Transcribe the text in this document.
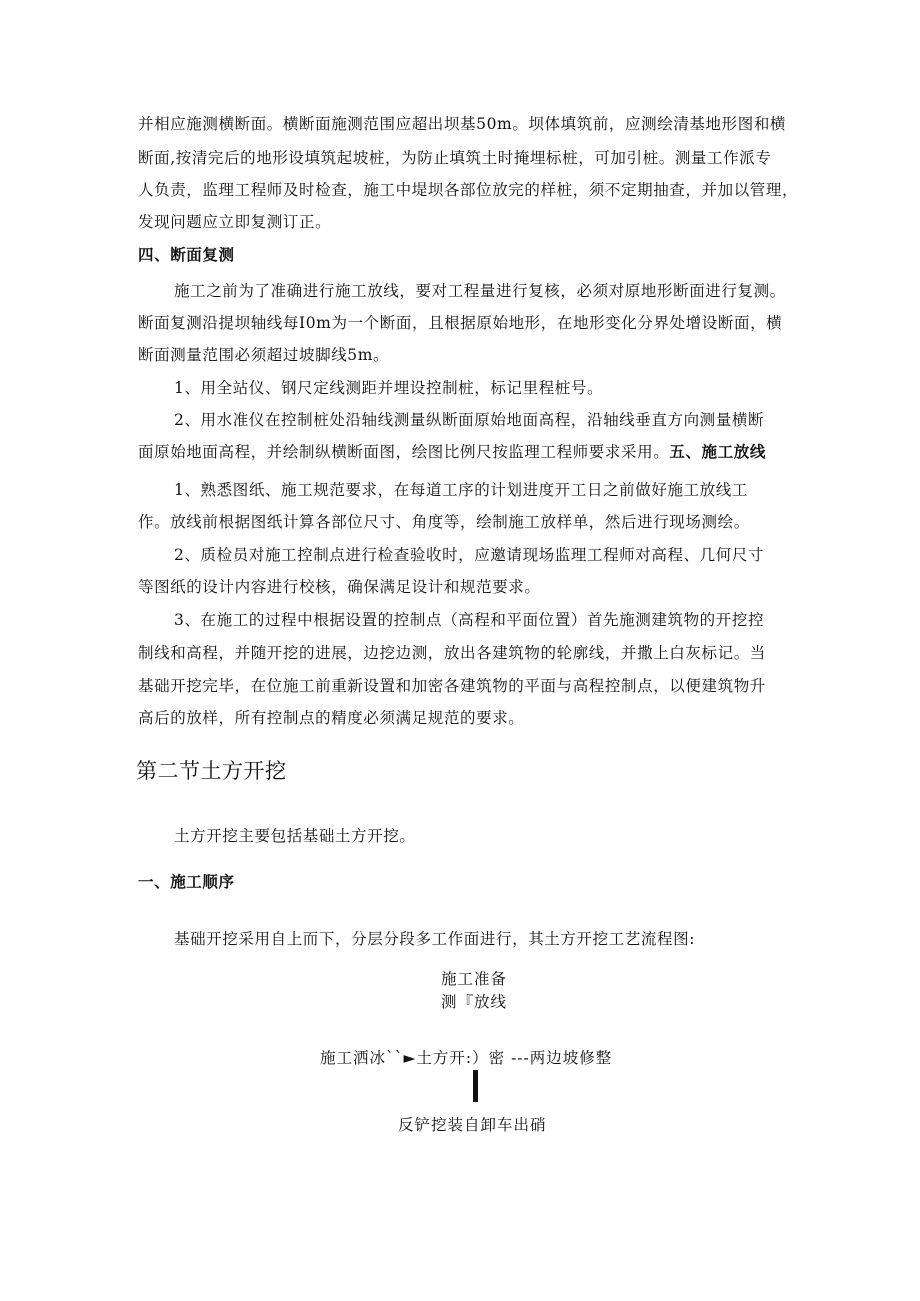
并相应施测横断面。横断面施测范围应超出坝基50m。坝体填筑前，应测绘清基地形图和横
断面,按清完后的地形设填筑起坡桩，为防止填筑土时掩埋标桩，可加引桩。测量工作派专
人负责，监理工程师及时检查，施工中堤坝各部位放完的样桩，须不定期抽查，并加以管理，
发现问题应立即复测订正。
四、断面复测
施工之前为了准确进行施工放线，要对工程量进行复核，必须对原地形断面进行复测。
断面复测沿提坝轴线每I0m为一个断面，且根据原始地形，在地形变化分界处增设断面，横
断面测量范围必须超过坡脚线5m。
1、用全站仪、钢尺定线测距并埋设控制桩，标记里程桩号。
2、用水准仪在控制桩处沿轴线测量纵断面原始地面高程，沿轴线垂直方向测量横断
面原始地面高程，并绘制纵横断面图，绘图比例尺按监理工程师要求采用。五、施工放线
1、熟悉图纸、施工规范要求，在每道工序的计划进度开工日之前做好施工放线工
作。放线前根据图纸计算各部位尺寸、角度等，绘制施工放样单，然后进行现场测绘。
2、质检员对施工控制点进行检查验收时，应邀请现场监理工程师对高程、几何尺寸
等图纸的设计内容进行校核，确保满足设计和规范要求。
3、在施工的过程中根据设置的控制点（高程和平面位置）首先施测建筑物的开挖控
制线和高程，并随开挖的进展，边挖边测，放出各建筑物的轮廓线，并撒上白灰标记。当
基础开挖完毕，在位施工前重新设置和加密各建筑物的平面与高程控制点，以便建筑物升
高后的放样，所有控制点的精度必须满足规范的要求。
第二节土方开挖
土方开挖主要包括基础土方开挖。
一、施工顺序
基础开挖采用自上而下，分层分段多工作面进行，其土方开挖工艺流程图:
施工准备
测『放线
施工洒冰``►土方开:）密 ---两边坡修整
反铲挖装自卸车出硝
